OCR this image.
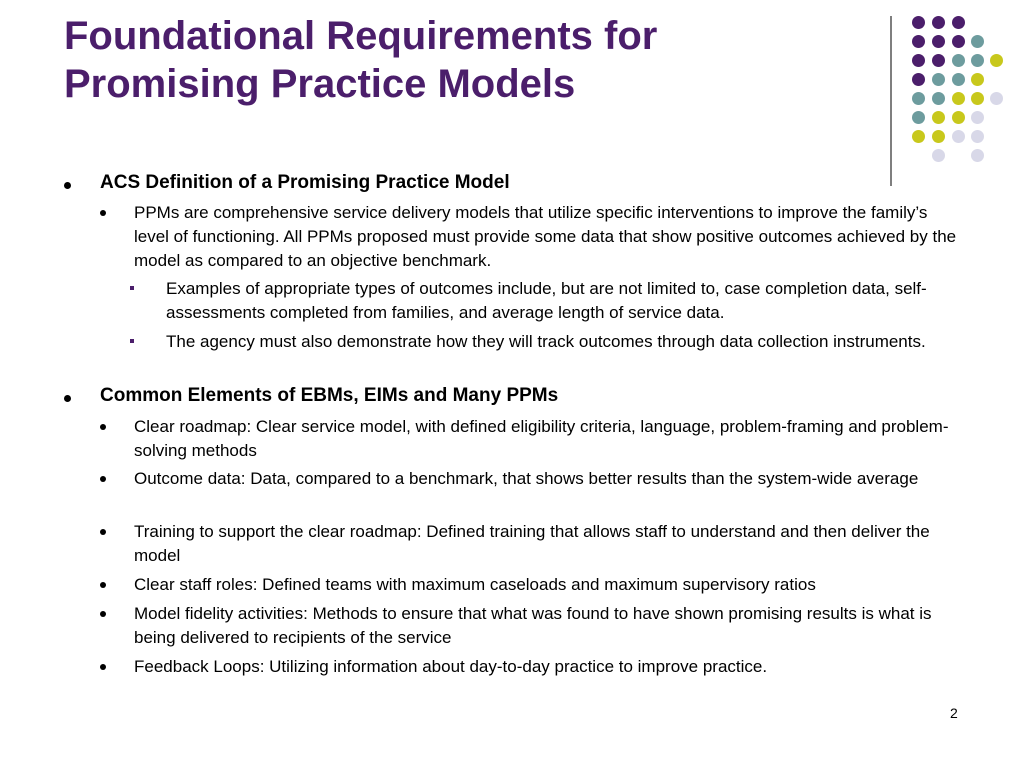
Foundational Requirements for
Promising Practice Models
ACS Definition of a Promising Practice Model
PPMs are comprehensive service delivery models that utilize specific interventions to improve the family’s level of functioning. All PPMs proposed must provide some data that show positive outcomes achieved by the model as compared to an objective benchmark.
Examples of appropriate types of outcomes include, but are not limited to, case completion data, self-assessments completed from families, and average length of service data.
The agency must also demonstrate how they will track outcomes through data collection instruments.
Common Elements of EBMs, EIMs and Many PPMs
Clear roadmap: Clear service model, with defined eligibility criteria, language, problem-framing and problem-solving methods
Outcome data: Data, compared to a benchmark, that shows better results than the system-wide average
Training to support the clear roadmap: Defined training that allows staff to understand and then deliver the model
Clear staff roles: Defined teams with maximum caseloads and maximum supervisory ratios
Model fidelity activities: Methods to ensure that what was found to have shown promising results is what is being delivered to recipients of the service
Feedback Loops: Utilizing information about day-to-day practice to improve practice.
2
